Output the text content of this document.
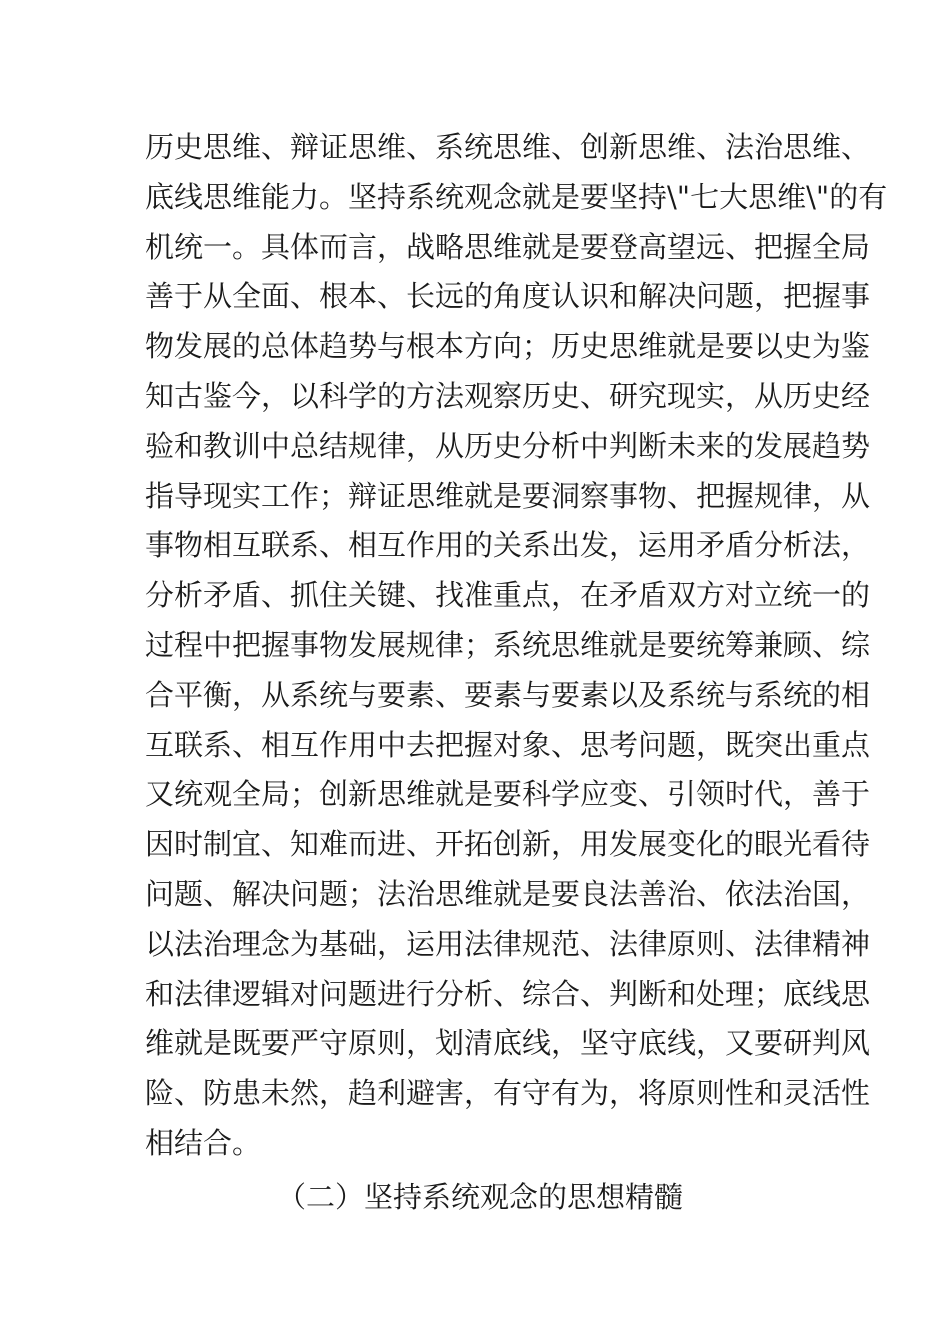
历史思维、辩证思维、系统思维、创新思维、法治思维、
底线思维能力。坚持系统观念就是要坚持\"七大思维\"的有
机统一。具体而言，战略思维就是要登高望远、把握全局
善于从全面、根本、长远的角度认识和解决问题，把握事
物发展的总体趋势与根本方向；历史思维就是要以史为鉴
知古鉴今，以科学的方法观察历史、研究现实，从历史经
验和教训中总结规律，从历史分析中判断未来的发展趋势
指导现实工作；辩证思维就是要洞察事物、把握规律，从
事物相互联系、相互作用的关系出发，运用矛盾分析法，
分析矛盾、抓住关键、找准重点，在矛盾双方对立统一的
过程中把握事物发展规律；系统思维就是要统筹兼顾、综
合平衡，从系统与要素、要素与要素以及系统与系统的相
互联系、相互作用中去把握对象、思考问题，既突出重点
又统观全局；创新思维就是要科学应变、引领时代，善于
因时制宜、知难而进、开拓创新，用发展变化的眼光看待
问题、解决问题；法治思维就是要良法善治、依法治国，
以法治理念为基础，运用法律规范、法律原则、法律精神
和法律逻辑对问题进行分析、综合、判断和处理；底线思
维就是既要严守原则，划清底线，坚守底线，又要研判风
险、防患未然，趋利避害，有守有为，将原则性和灵活性
相结合。
（二）坚持系统观念的思想精髓
